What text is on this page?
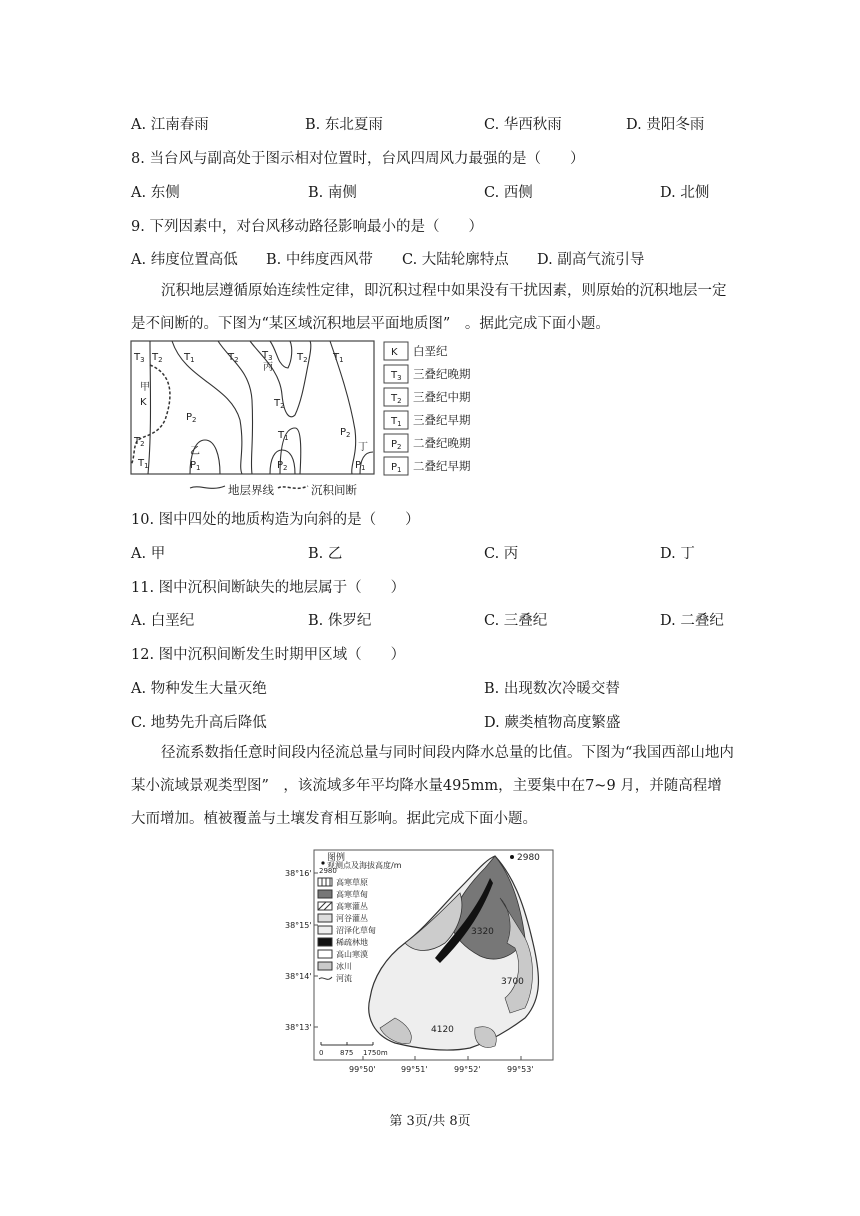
A. 江南春雨	B. 东北夏雨	C. 华西秋雨	D. 贵阳冬雨
8. 当台风与副高处于图示相对位置时，台风四周风力最强的是（　　）
A. 东侧	B. 南侧	C. 西侧	D. 北侧
9. 下列因素中，对台风移动路径影响最小的是（　　）
A. 纬度位置高低 B. 中纬度西风带 C. 大陆轮廓特点 D. 副高气流引导
沉积地层遵循原始连续性定律，即沉积过程中如果没有干扰因素，则原始的沉积地层一定是不间断的。下图为“某区域沉积地层平面地质图”　。据此完成下面小题。
$T_3$ $T_2$ $T_1$	$T_2$ $T_3$ $T_2$	$T_1$
$T_2$
$T_1$
$P_2$
$P_2$
$P_1$	$P_2$	$P_1$
$T_2$
$T_1$
K
甲
乙
丙
丁
K
$T_3$
$T_2$
$T_1$
$P_2$
$P_1$
白垩纪
三叠纪晚期
三叠纪中期
三叠纪早期
二叠纪晚期
二叠纪早期
地层界线	沉积间断
10. 图中四处的地质构造为向斜的是（　　）
A. 甲	B. 乙	C. 丙	D. 丁
11. 图中沉积间断缺失的地层属于（　　）
A. 白垩纪	B. 侏罗纪	C. 三叠纪	D. 二叠纪
12. 图中沉积间断发生时期甲区域（　　）
A. 物种发生大量灭绝	B. 出现数次冷暖交替
C. 地势先升高后降低	D. 蕨类植物高度繁盛
径流系数指任意时间段内径流总量与同时间段内降水总量的比值。下图为“我国西部山地内某小流域景观类型图”　，该流域多年平均降水量495mm，主要集中在7~9 月，并随高程增大而增加。植被覆盖与土壤发育相互影响。据此完成下面小题。
图例
2980
观测点及海拔高度/m
高寒草原
高寒草甸
高寒灌丛
河谷灌丛
沼泽化草甸
稀疏林地
高山寒漠
冰川
河流
2980
3320
3700
4120
38°16'
38°15'
38°14'
38°13'
99°50'	99°51'	99°52'	99°53'
0 875 1750m
第 3页/共 8页
